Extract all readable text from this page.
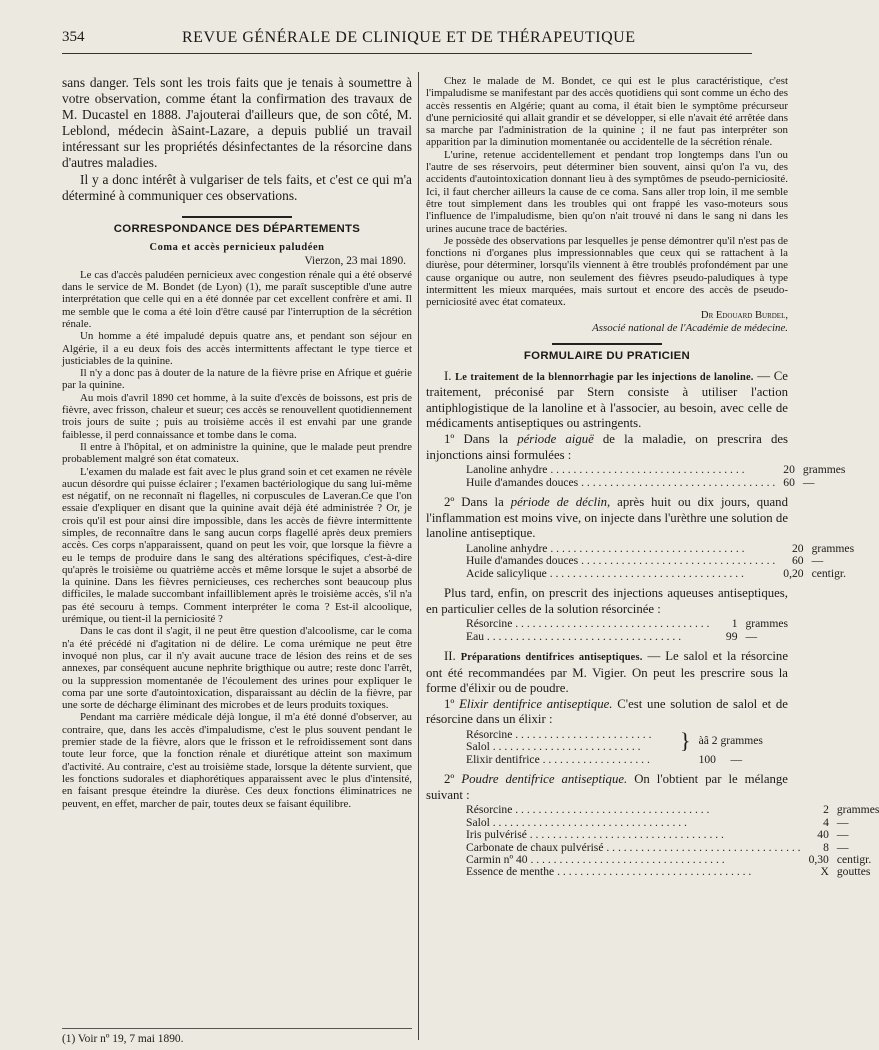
354	REVUE GÉNÉRALE DE CLINIQUE ET DE THÉRAPEUTIQUE

sans danger. Tels sont les trois faits que je tenais à soumettre à votre observation, comme étant la confirmation des travaux de M. Ducastel en 1888. J'ajouterai d'ailleurs que, de son côté, M. Leblond, médecin àSaint-Lazare, a depuis publié un travail intéressant sur les propriétés désinfectantes de la résorcine dans d'autres maladies.

Il y a donc intérêt à vulgariser de tels faits, et c'est ce qui m'a déterminé à communiquer ces observations.

CORRESPONDANCE DES DÉPARTEMENTS
Coma et accès pernicieux paludéen
Vierzon, 23 mai 1890.

Le cas d'accès paludéen pernicieux avec congestion rénale qui a été observé dans le service de M. Bondet (de Lyon) (1), me paraît susceptible d'une autre interprétation que celle qui en a été donnée par cet excellent confrère et ami. Il me semble que le coma a été loin d'être causé par l'interruption de la sécrétion rénale.

Un homme a été impaludé depuis quatre ans, et pendant son séjour en Algérie, il a eu deux fois des accès intermittents affectant le type tierce et justiciables de la quinine.

Il n'y a donc pas à douter de la nature de la fièvre prise en Afrique et guérie par la quinine.

Au mois d'avril 1890 cet homme, à la suite d'excès de boissons, est pris de fièvre, avec frisson, chaleur et sueur; ces accès se renouvellent quotidiennement trois jours de suite ; puis au troisième accès il est envahi par une grande faiblesse, il perd connaissance et tombe dans le coma.

Il entre à l'hôpital, et on administre la quinine, que le malade peut prendre probablement malgré son état comateux.

L'examen du malade est fait avec le plus grand soin et cet examen ne révèle aucun désordre qui puisse éclairer ; l'examen bactériologique du sang lui-même est négatif, on ne reconnaît ni flagelles, ni corpuscules de Laveran.Ce que l'on essaie d'expliquer en disant que la quinine avait déjà été administrée ? Or, je crois qu'il est pour ainsi dire impossible, dans les accès de fièvre intermittente simples, de reconnaître dans le sang aucun corps flagellé après deux premiers accès. Ces corps n'apparaissent, quand on peut les voir, que lorsque la fièvre a eu le temps de produire dans le sang des altérations spécifiques, c'est-à-dire qu'après le troisième ou quatrième accès et même lorsque le sujet a absorbé de la quinine. Dans les fièvres pernicieuses, ces recherches sont beaucoup plus difficiles, le malade succombant infailliblement après le troisième accès, s'il n'a pas été secouru à temps. Comment interpréter le coma ? Est-il alcoolique, urémique, ou tient-il la perniciosité ?

Dans le cas dont il s'agit, il ne peut être question d'alcoolisme, car le coma n'a été précédé ni d'agitation ni de délire. Le coma urémique ne peut être invoqué non plus, car il n'y avait aucune trace de lésion des reins et de ses annexes, par conséquent aucune nephrite brigthique ou autre; reste donc l'arrêt, ou la suppression momentanée de l'écoulement des urines pour expliquer le coma par une sorte d'autointoxication, disparaissant au déclin de la fièvre, par une sorte de décharge éliminant des microbes et de leurs produits toxiques.

Pendant ma carrière médicale déjà longue, il m'a été donné d'observer, au contraire, que, dans les accès d'impaludisme, c'est le plus souvent pendant le premier stade de la fièvre, alors que le frisson et le refroidissement sont dans toute leur force, que la fonction rénale et diurétique atteint son maximum d'activité. Au contraire, c'est au troisième stade, lorsque la détente survient, que les fonctions sudorales et diaphorétiques apparaissent avec le plus d'intensité, en faisant presque éteindre la diurèse. Ces deux fonctions éliminatrices ne peuvent, en effet, marcher de pair, toutes deux se faisant équilibre.

(1) Voir nº 19, 7 mai 1890.

Chez le malade de M. Bondet, ce qui est le plus caractéristique, c'est l'impaludisme se manifestant par des accès quotidiens qui sont comme un écho des accès ressentis en Algérie; quant au coma, il était bien le symptôme précurseur d'une perniciosité qui allait grandir et se développer, si elle n'avait été arrêtée dans sa marche par l'administration de la quinine ; il ne faut pas interpréter son apparition par la diminution momentanée ou accidentelle de la sécrétion rénale.

L'urine, retenue accidentellement et pendant trop longtemps dans l'un ou l'autre de ses réservoirs, peut déterminer bien souvent, ainsi qu'on l'a vu, des accidents d'autointoxication donnant lieu à des symptômes de pseudo-perniciosité. Ici, il faut chercher ailleurs la cause de ce coma. Sans aller trop loin, il me semble être tout simplement dans les troubles qui ont frappé les vaso-moteurs sous l'influence de l'impaludisme, bien qu'on n'ait trouvé ni dans le sang ni dans les urines aucune trace de bactéries.

Je possède des observations par lesquelles je pense démontrer qu'il n'est pas de fonctions ni d'organes plus impressionnables que ceux qui se rattachent à la diurèse, pour déterminer, lorsqu'ils viennent à être troublés profondément par une cause organique ou autre, non seulement des fièvres pseudo-paludiques à type intermittent les mieux marquées, mais surtout et encore des accès de pseudo-perniciosité avec état comateux.

Dr Edouard Burdel,
Associé national de l'Académie de médecine.
FORMULAIRE DU PRATICIEN

I. Le traitement de la blennorrhagie par les injections de lanoline. — Ce traitement, préconisé par Stern consiste à utiliser l'action antiphlogistique de la lanoline et à l'associer, au besoin, avec celle de médicaments antiseptiques ou astringents.

1º Dans la période aiguë de la maladie, on prescrira des injonctions ainsi formulées :

Lanoline anhydre . . . . . . . . . . . . . . . . . . . . . . . . . . . . . . . . . .	20	grammes
Huile d'amandes douces . . . . . . . . . . . . . . . . . . . . . . . . . . . . . . . . . .	60	—

2º Dans la période de déclin, après huit ou dix jours, quand l'inflammation est moins vive, on injecte dans l'urèthre une solution de lanoline antiseptique.

Lanoline anhydre . . . . . . . . . . . . . . . . . . . . . . . . . . . . . . . . . .	20	grammes
Huile d'amandes douces . . . . . . . . . . . . . . . . . . . . . . . . . . . . . . . . . .	60	—
Acide salicylique . . . . . . . . . . . . . . . . . . . . . . . . . . . . . . . . . .	0,20	centigr.

Plus tard, enfin, on prescrit des injections aqueuses antiseptiques, en particulier celles de la solution résorcinée :

Résorcine . . . . . . . . . . . . . . . . . . . . . . . . . . . . . . . . . .	1	grammes
Eau . . . . . . . . . . . . . . . . . . . . . . . . . . . . . . . . . .	99	—

II. Préparations dentifrices antiseptiques. — Le salol et la résorcine ont été recommandées par M. Vigier. On peut les prescrire sous la forme d'élixir ou de poudre.

1º Elixir dentifrice antiseptique. C'est une solution de salol et de résorcine dans un élixir :

Résorcine . . . . . . . . . . . . . . . . . . . . . . . .	}	àâ 2 grammes
Salol . . . . . . . . . . . . . . . . . . . . . . . . . .		
Elixir dentifrice . . . . . . . . . . . . . . . . . . .		100 —

2º Poudre dentifrice antiseptique. On l'obtient par le mélange suivant :

Résorcine . . . . . . . . . . . . . . . . . . . . . . . . . . . . . . . . . .	2	grammes
Salol . . . . . . . . . . . . . . . . . . . . . . . . . . . . . . . . . .	4	—
Iris pulvérisé . . . . . . . . . . . . . . . . . . . . . . . . . . . . . . . . . .	40	—
Carbonate de chaux pulvérisé . . . . . . . . . . . . . . . . . . . . . . . . . . . . . . . . . .	8	—
Carmin nº 40 . . . . . . . . . . . . . . . . . . . . . . . . . . . . . . . . . .	0,30	centigr.
Essence de menthe . . . . . . . . . . . . . . . . . . . . . . . . . . . . . . . . . .	X	gouttes
